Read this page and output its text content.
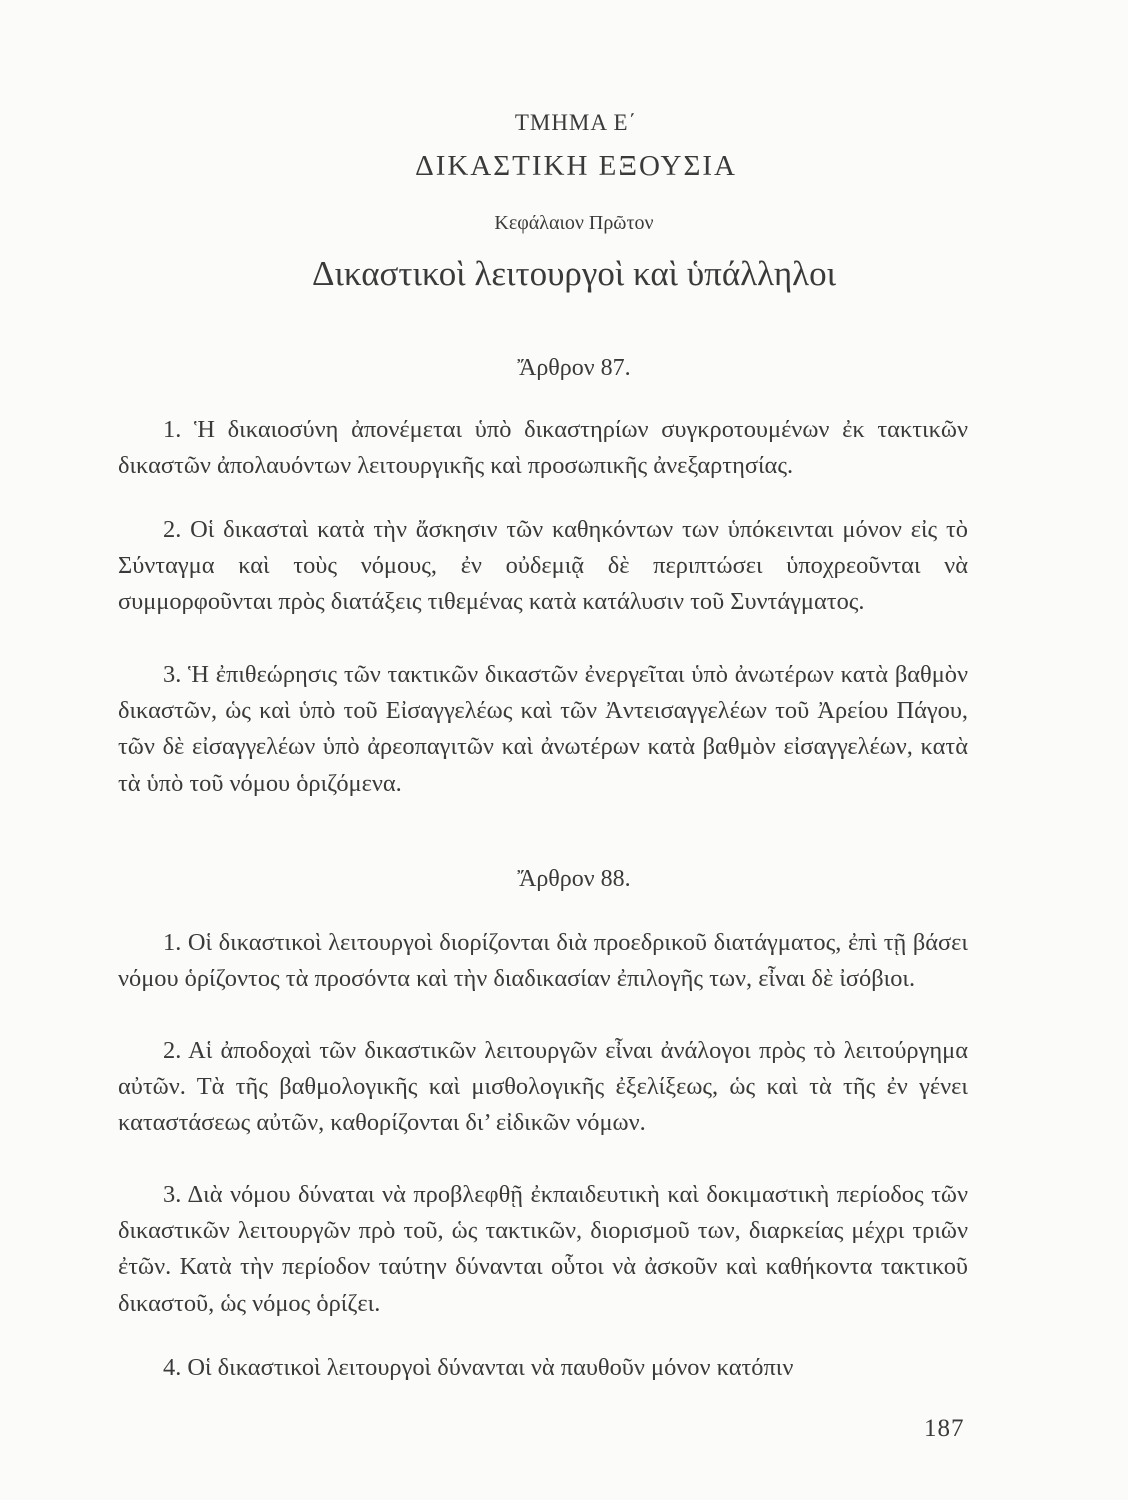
ΤΜΗΜΑ Ε΄
ΔΙΚΑΣΤΙΚΗ ΕΞΟΥΣΙΑ
Κεφάλαιον Πρῶτον
Δικαστικοὶ λειτουργοὶ καὶ ὑπάλληλοι
Ἄρθρον 87.

1. Ἡ δικαιοσύνη ἀπονέμεται ὑπὸ δικαστηρίων συγκροτουμένων ἐκ τακτικῶν δικαστῶν ἀπολαυόντων λειτουργικῆς καὶ προσωπικῆς ἀνεξαρτησίας.

2. Οἱ δικασταὶ κατὰ τὴν ἄσκησιν τῶν καθηκόντων των ὑπόκεινται μόνον εἰς τὸ Σύνταγμα καὶ τοὺς νόμους, ἐν οὐδεμιᾷ δὲ περιπτώσει ὑποχρεοῦνται νὰ συμμορφοῦνται πρὸς διατάξεις τιθεμένας κατὰ κατάλυσιν τοῦ Συντάγματος.

3. Ἡ ἐπιθεώρησις τῶν τακτικῶν δικαστῶν ἐνεργεῖται ὑπὸ ἀνωτέρων κατὰ βαθμὸν δικαστῶν, ὡς καὶ ὑπὸ τοῦ Εἰσαγγελέως καὶ τῶν Ἀντεισαγγελέων τοῦ Ἀρείου Πάγου, τῶν δὲ εἰσαγγελέων ὑπὸ ἀρεοπαγιτῶν καὶ ἀνωτέρων κατὰ βαθμὸν εἰσαγγελέων, κατὰ τὰ ὑπὸ τοῦ νόμου ὁριζόμενα.

Ἄρθρον 88.

1. Οἱ δικαστικοὶ λειτουργοὶ διορίζονται διὰ προεδρικοῦ διατάγματος, ἐπὶ τῇ βάσει νόμου ὁρίζοντος τὰ προσόντα καὶ τὴν διαδικασίαν ἐπιλογῆς των, εἶναι δὲ ἰσόβιοι.

2. Αἱ ἀποδοχαὶ τῶν δικαστικῶν λειτουργῶν εἶναι ἀνάλογοι πρὸς τὸ λειτούργημα αὐτῶν. Τὰ τῆς βαθμολογικῆς καὶ μισθολογικῆς ἐξελίξεως, ὡς καὶ τὰ τῆς ἐν γένει καταστάσεως αὐτῶν, καθορίζονται δι’ εἰδικῶν νόμων.

3. Διὰ νόμου δύναται νὰ προβλεφθῇ ἐκπαιδευτικὴ καὶ δοκιμαστικὴ περίοδος τῶν δικαστικῶν λειτουργῶν πρὸ τοῦ, ὡς τακτικῶν, διορισμοῦ των, διαρκείας μέχρι τριῶν ἐτῶν. Κατὰ τὴν περίοδον ταύτην δύνανται οὗτοι νὰ ἀσκοῦν καὶ καθήκοντα τακτικοῦ δικαστοῦ, ὡς νόμος ὁρίζει.

4. Οἱ δικαστικοὶ λειτουργοὶ δύνανται νὰ παυθοῦν μόνον κατόπιν

187
